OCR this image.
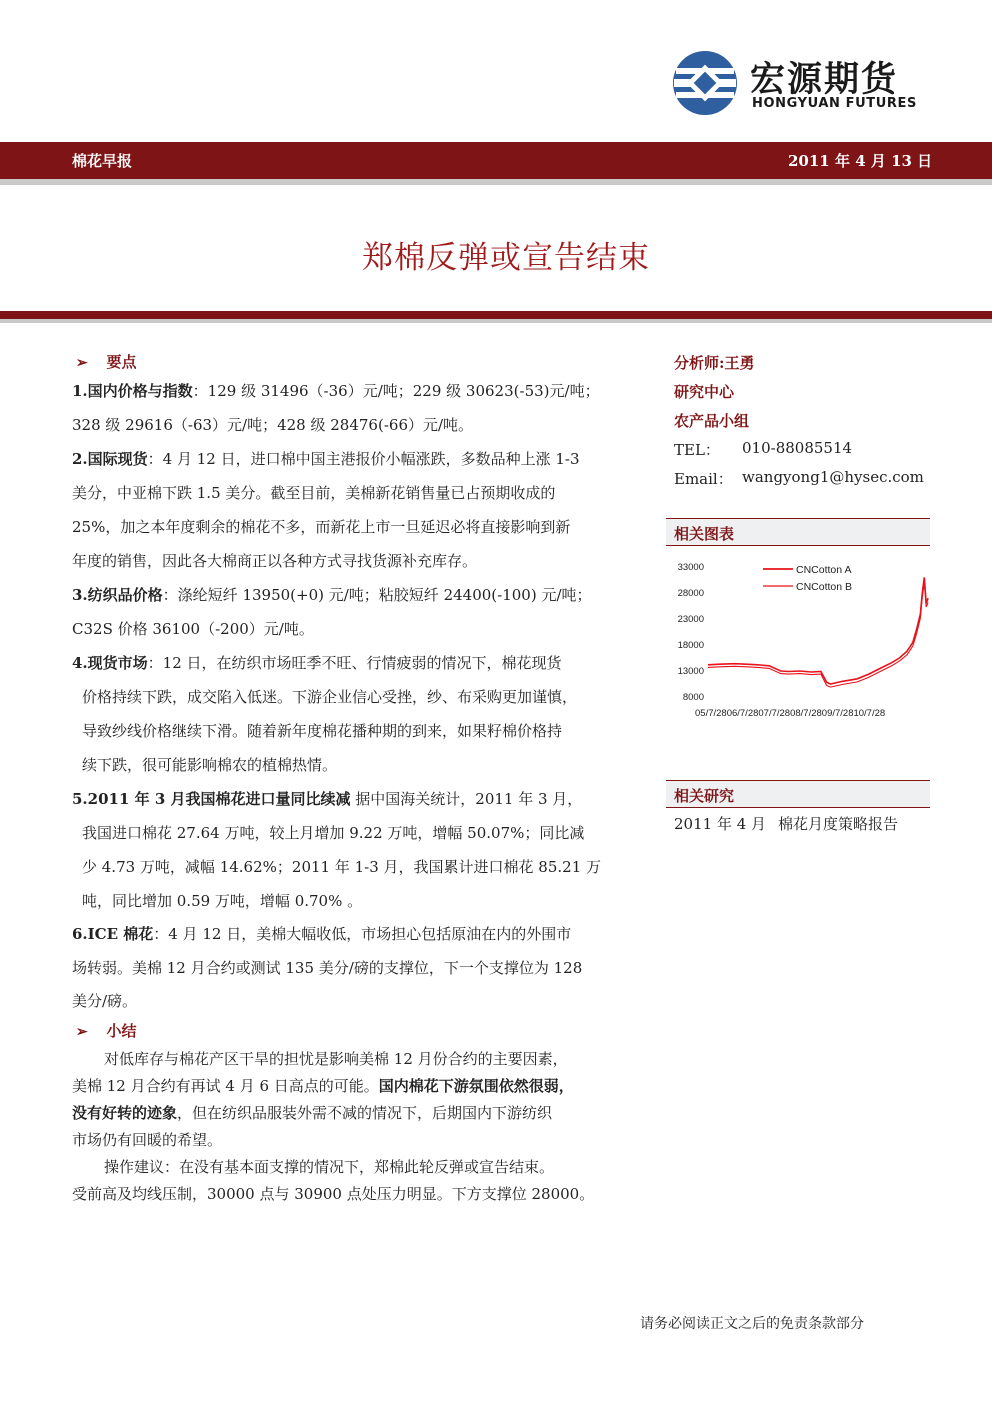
宏源期货
HONGYUAN FUTURES
棉花早报	2011 年 4 月 13 日
郑棉反弹或宣告结束
➢ 要点
1.国内价格与指数：129 级 31496（-36）元/吨；229 级 30623(-53)元/吨；
328 级 29616（-63）元/吨；428 级 28476(-66）元/吨。
2.国际现货：4 月 12 日，进口棉中国主港报价小幅涨跌，多数品种上涨 1-3
美分，中亚棉下跌 1.5 美分。截至目前，美棉新花销售量已占预期收成的
25%，加之本年度剩余的棉花不多，而新花上市一旦延迟必将直接影响到新
年度的销售，因此各大棉商正以各种方式寻找货源补充库存。
3.纺织品价格：涤纶短纤 13950(+0) 元/吨；粘胶短纤 24400(-100) 元/吨；
C32S 价格 36100（-200）元/吨。
4.现货市场：12 日，在纺织市场旺季不旺、行情疲弱的情况下，棉花现货
价格持续下跌，成交陷入低迷。下游企业信心受挫，纱、布采购更加谨慎，
导致纱线价格继续下滑。随着新年度棉花播种期的到来，如果籽棉价格持
续下跌，很可能影响棉农的植棉热情。
5.2011 年 3 月我国棉花进口量同比续减 据中国海关统计，2011 年 3 月，
我国进口棉花 27.64 万吨，较上月增加 9.22 万吨，增幅 50.07%；同比减
少 4.73 万吨，减幅 14.62%；2011 年 1-3 月，我国累计进口棉花 85.21 万
吨，同比增加 0.59 万吨，增幅 0.70% 。
6.ICE 棉花：4 月 12 日，美棉大幅收低，市场担心包括原油在内的外围市
场转弱。美棉 12 月合约或测试 135 美分/磅的支撑位，下一个支撑位为 128
美分/磅。
➢ 小结
对低库存与棉花产区干旱的担忧是影响美棉 12 月份合约的主要因素，
美棉 12 月合约有再试 4 月 6 日高点的可能。国内棉花下游氛围依然很弱，
没有好转的迹象，但在纺织品服装外需不减的情况下，后期国内下游纺织
市场仍有回暖的希望。
操作建议：在没有基本面支撑的情况下，郑棉此轮反弹或宣告结束。
受前高及均线压制，30000 点与 30900 点处压力明显。下方支撑位 28000。
分析师:王勇
研究中心
农产品小组
TEL： 010-88085514
Email： wangyong1@hysec.com
相关图表
33000
28000
23000
18000
13000
8000
CNCotton A
CNCotton B
05/7/2806/7/2807/7/2808/7/2809/7/2810/7/28
相关研究
2011 年 4 月 棉花月度策略报告
请务必阅读正文之后的免责条款部分
